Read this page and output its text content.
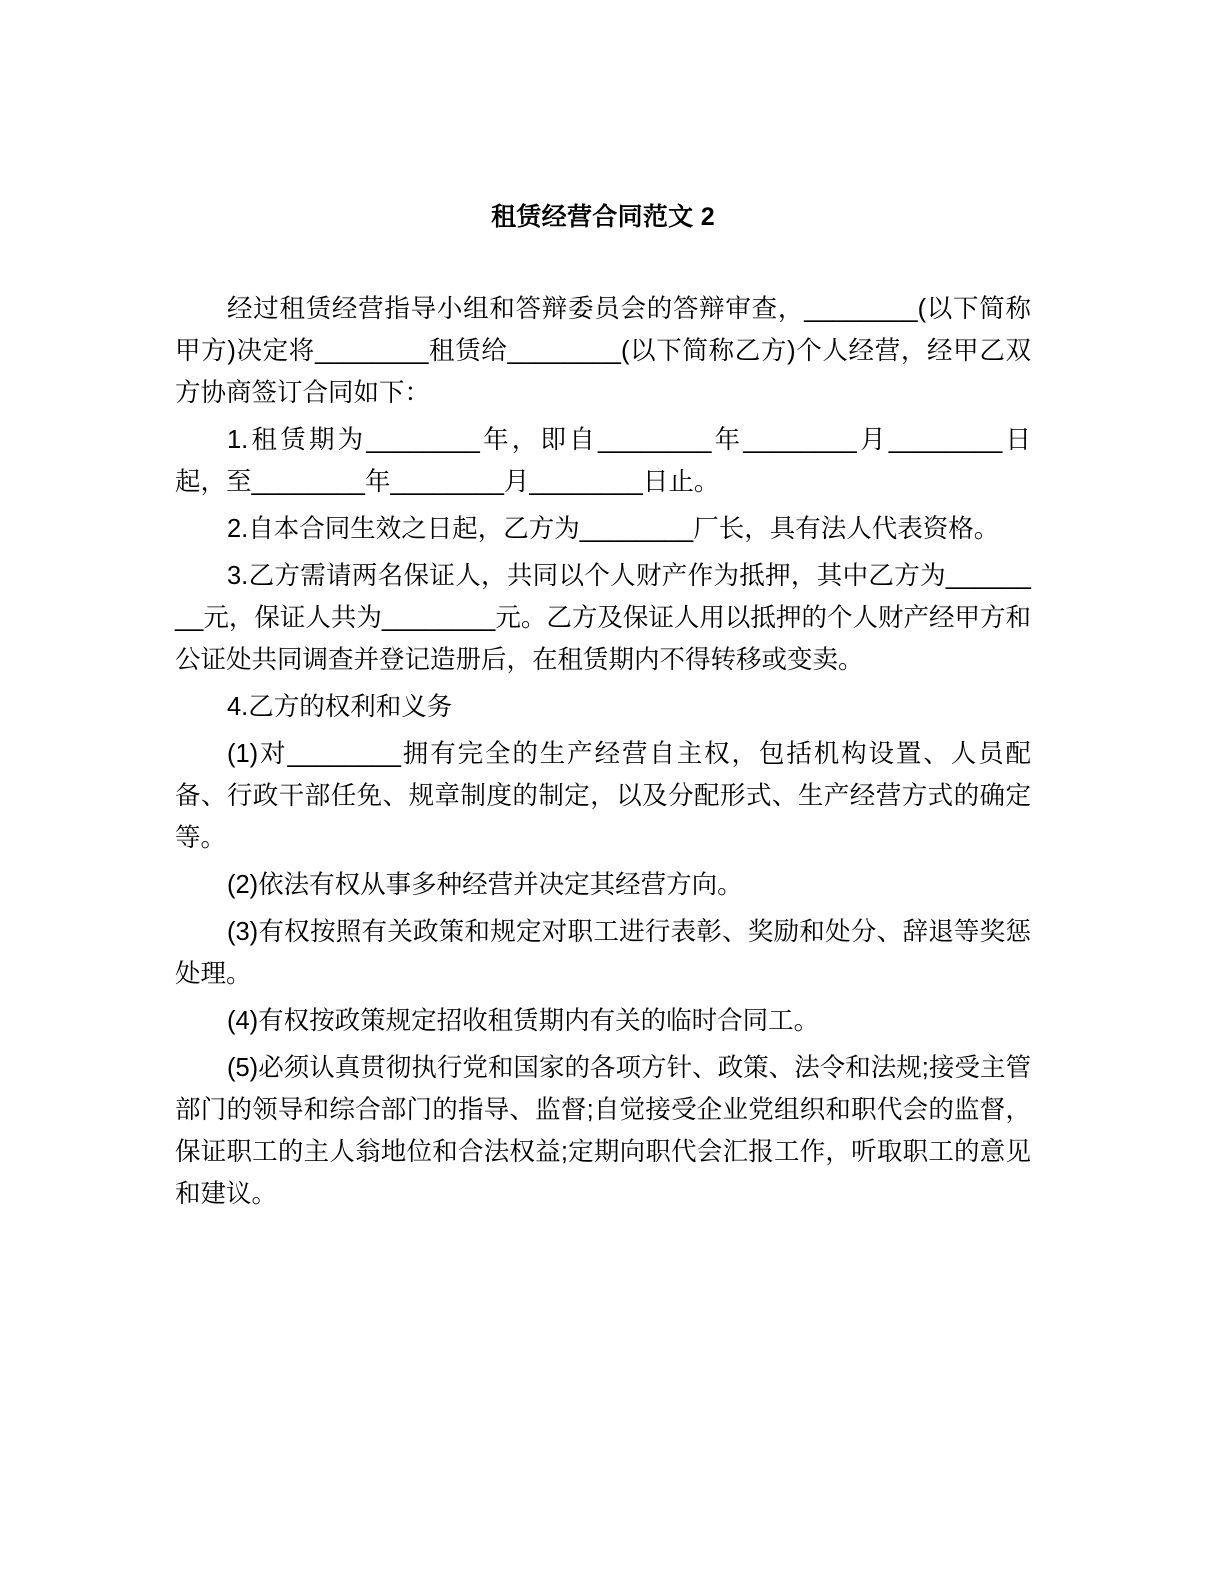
租赁经营合同范文 2

经过租赁经营指导小组和答辩委员会的答辩审查，________(以下简称甲方)决定将________租赁给________(以下简称乙方)个人经营，经甲乙双方协商签订合同如下：

1.租赁期为________年，即自________年________月________日起，至________年________月________日止。

2.自本合同生效之日起，乙方为________厂长，具有法人代表资格。

3.乙方需请两名保证人，共同以个人财产作为抵押，其中乙方为________元，保证人共为________元。乙方及保证人用以抵押的个人财产经甲方和公证处共同调查并登记造册后，在租赁期内不得转移或变卖。

4.乙方的权利和义务

(1)对________拥有完全的生产经营自主权，包括机构设置、人员配备、行政干部任免、规章制度的制定，以及分配形式、生产经营方式的确定等。

(2)依法有权从事多种经营并决定其经营方向。

(3)有权按照有关政策和规定对职工进行表彰、奖励和处分、辞退等奖惩处理。

(4)有权按政策规定招收租赁期内有关的临时合同工。

(5)必须认真贯彻执行党和国家的各项方针、政策、法令和法规;接受主管部门的领导和综合部门的指导、监督;自觉接受企业党组织和职代会的监督，保证职工的主人翁地位和合法权益;定期向职代会汇报工作，听取职工的意见和建议。
